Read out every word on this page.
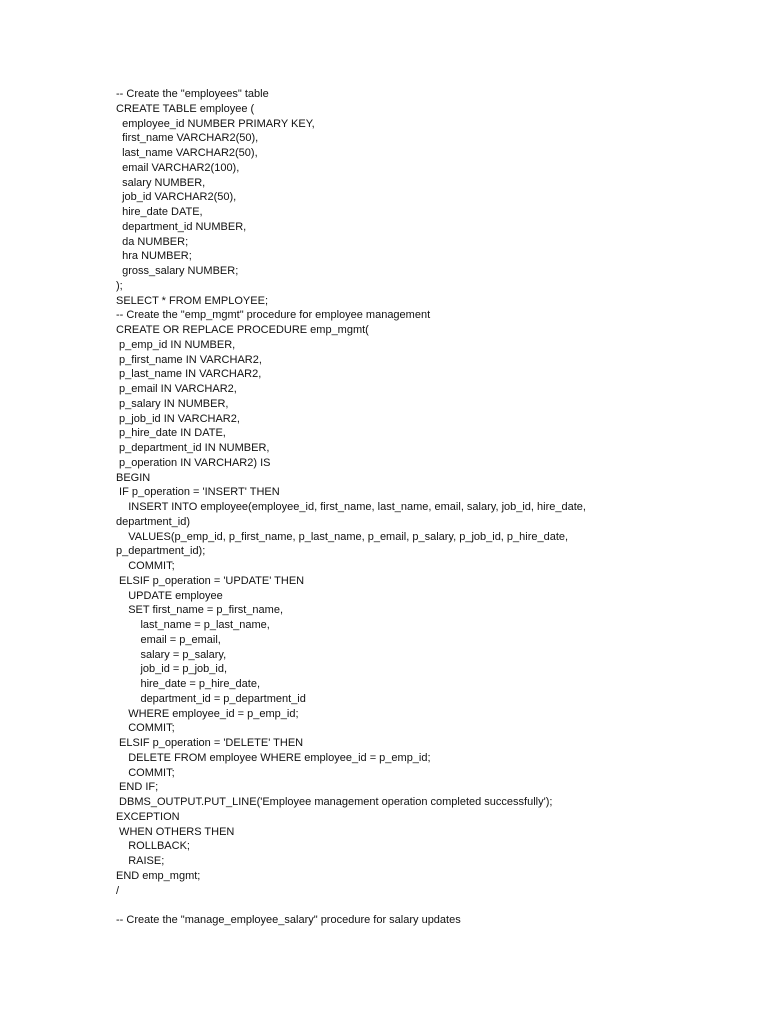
-- Create the "employees" table
CREATE TABLE employee (
employee_id NUMBER PRIMARY KEY,
first_name VARCHAR2(50),
last_name VARCHAR2(50),
email VARCHAR2(100),
salary NUMBER,
job_id VARCHAR2(50),
hire_date DATE,
department_id NUMBER,
da NUMBER;
hra NUMBER;
gross_salary NUMBER;
);
SELECT * FROM EMPLOYEE;
-- Create the "emp_mgmt" procedure for employee management
CREATE OR REPLACE PROCEDURE emp_mgmt(
p_emp_id IN NUMBER,
p_first_name IN VARCHAR2,
p_last_name IN VARCHAR2,
p_email IN VARCHAR2,
p_salary IN NUMBER,
p_job_id IN VARCHAR2,
p_hire_date IN DATE,
p_department_id IN NUMBER,
p_operation IN VARCHAR2) IS
BEGIN
IF p_operation = 'INSERT' THEN
INSERT INTO employee(employee_id, first_name, last_name, email, salary, job_id, hire_date,
department_id)
VALUES(p_emp_id, p_first_name, p_last_name, p_email, p_salary, p_job_id, p_hire_date,
p_department_id);
COMMIT;
ELSIF p_operation = 'UPDATE' THEN
UPDATE employee
SET first_name = p_first_name,
last_name = p_last_name,
email = p_email,
salary = p_salary,
job_id = p_job_id,
hire_date = p_hire_date,
department_id = p_department_id
WHERE employee_id = p_emp_id;
COMMIT;
ELSIF p_operation = 'DELETE' THEN
DELETE FROM employee WHERE employee_id = p_emp_id;
COMMIT;
END IF;
DBMS_OUTPUT.PUT_LINE('Employee management operation completed successfully');
EXCEPTION
WHEN OTHERS THEN
ROLLBACK;
RAISE;
END emp_mgmt;
/
-- Create the "manage_employee_salary" procedure for salary updates
